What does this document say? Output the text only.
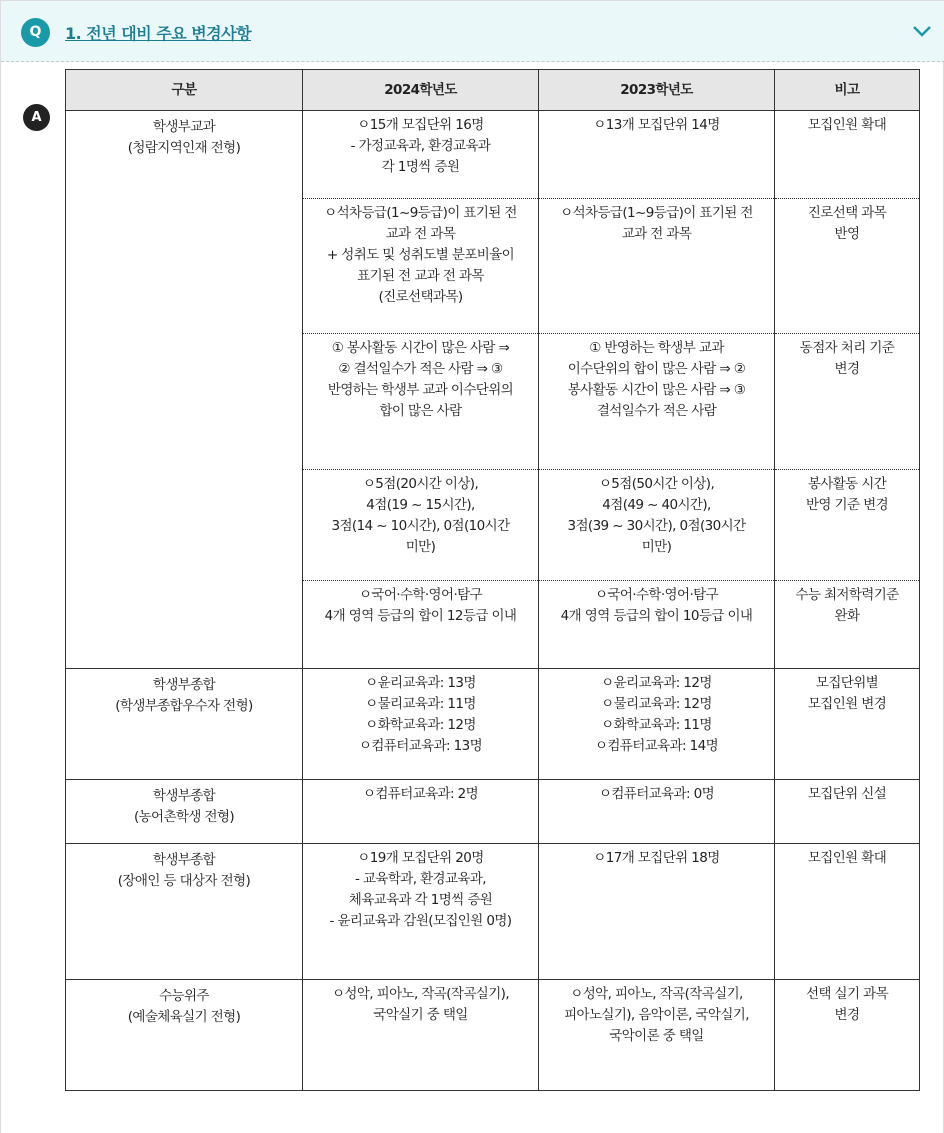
Q	1. 전년 대비 주요 변경사항
A
구분	2024학년도	2023학년도	비고
학생부교과
(청람지역인재 전형)	ㅇ15개 모집단위 16명
- 가정교육과, 환경교육과
각 1명씩 증원	ㅇ13개 모집단위 14명	모집인원 확대
	ㅇ석차등급(1~9등급)이 표기된 전
교과 전 과목
+ 성취도 및 성취도별 분포비율이
표기된 전 교과 전 과목
(진로선택과목)	ㅇ석차등급(1~9등급)이 표기된 전
교과 전 과목	진로선택 과목
반영
	① 봉사활동 시간이 많은 사람 ⇒
② 결석일수가 적은 사람 ⇒ ③
반영하는 학생부 교과 이수단위의
합이 많은 사람	① 반영하는 학생부 교과
이수단위의 합이 많은 사람 ⇒ ②
봉사활동 시간이 많은 사람 ⇒ ③
결석일수가 적은 사람	동점자 처리 기준
변경
	ㅇ5점(20시간 이상),
4점(19 ~ 15시간),
3점(14 ~ 10시간), 0점(10시간
미만)	ㅇ5점(50시간 이상),
4점(49 ~ 40시간),
3점(39 ~ 30시간), 0점(30시간
미만)	봉사활동 시간
반영 기준 변경
	ㅇ국어·수학·영어·탐구
4개 영역 등급의 합이 12등급 이내	ㅇ국어·수학·영어·탐구
4개 영역 등급의 합이 10등급 이내	수능 최저학력기준
완화
학생부종합
(학생부종합우수자 전형)	ㅇ윤리교육과: 13명
ㅇ물리교육과: 11명
ㅇ화학교육과: 12명
ㅇ컴퓨터교육과: 13명	ㅇ윤리교육과: 12명
ㅇ물리교육과: 12명
ㅇ화학교육과: 11명
ㅇ컴퓨터교육과: 14명	모집단위별
모집인원 변경
학생부종합
(농어촌학생 전형)	ㅇ컴퓨터교육과: 2명	ㅇ컴퓨터교육과: 0명	모집단위 신설
학생부종합
(장애인 등 대상자 전형)	ㅇ19개 모집단위 20명
- 교육학과, 환경교육과,
체육교육과 각 1명씩 증원
- 윤리교육과 감원(모집인원 0명)	ㅇ17개 모집단위 18명	모집인원 확대
수능위주
(예술체육실기 전형)	ㅇ성악, 피아노, 작곡(작곡실기),
국악실기 중 택일	ㅇ성악, 피아노, 작곡(작곡실기,
피아노실기), 음악이론, 국악실기,
국악이론 중 택일	선택 실기 과목
변경
